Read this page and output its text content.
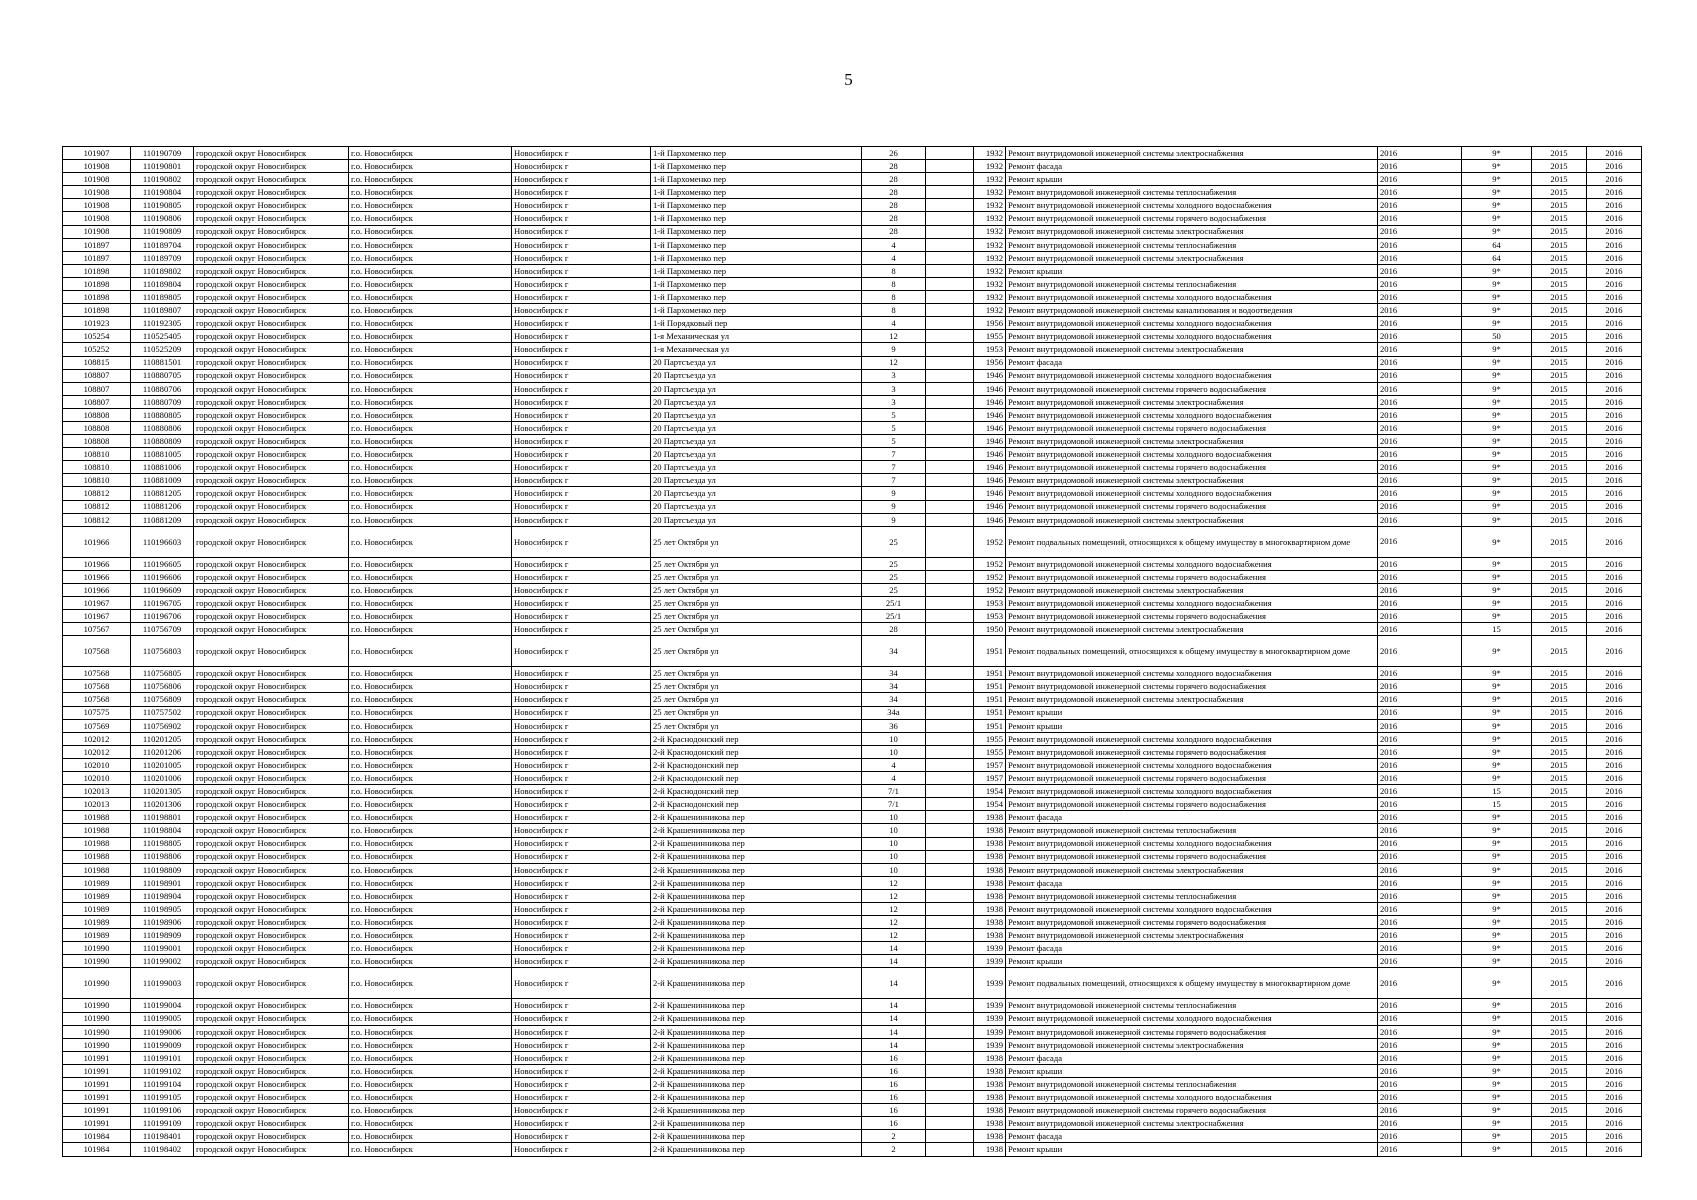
5
101907	110190709	городской округ Новосибирск	г.о. Новосибирск	Новосибирск г	1-й Пархоменко пер	26		1932	Ремонт внутридомовой инженерной системы электроснабжения	2016	9*	2015	2016
101908	110190801	городской округ Новосибирск	г.о. Новосибирск	Новосибирск г	1-й Пархоменко пер	28		1932	Ремонт фасада	2016	9*	2015	2016
101908	110190802	городской округ Новосибирск	г.о. Новосибирск	Новосибирск г	1-й Пархоменко пер	28		1932	Ремонт крыши	2016	9*	2015	2016
101908	110190804	городской округ Новосибирск	г.о. Новосибирск	Новосибирск г	1-й Пархоменко пер	28		1932	Ремонт внутридомовой инженерной системы теплоснабжения	2016	9*	2015	2016
101908	110190805	городской округ Новосибирск	г.о. Новосибирск	Новосибирск г	1-й Пархоменко пер	28		1932	Ремонт внутридомовой инженерной системы холодного водоснабжения	2016	9*	2015	2016
101908	110190806	городской округ Новосибирск	г.о. Новосибирск	Новосибирск г	1-й Пархоменко пер	28		1932	Ремонт внутридомовой инженерной системы горячего водоснабжения	2016	9*	2015	2016
101908	110190809	городской округ Новосибирск	г.о. Новосибирск	Новосибирск г	1-й Пархоменко пер	28		1932	Ремонт внутридомовой инженерной системы электроснабжения	2016	9*	2015	2016
101897	110189704	городской округ Новосибирск	г.о. Новосибирск	Новосибирск г	1-й Пархоменко пер	4		1932	Ремонт внутридомовой инженерной системы теплоснабжения	2016	64	2015	2016
101897	110189709	городской округ Новосибирск	г.о. Новосибирск	Новосибирск г	1-й Пархоменко пер	4		1932	Ремонт внутридомовой инженерной системы электроснабжения	2016	64	2015	2016
101898	110189802	городской округ Новосибирск	г.о. Новосибирск	Новосибирск г	1-й Пархоменко пер	8		1932	Ремонт крыши	2016	9*	2015	2016
101898	110189804	городской округ Новосибирск	г.о. Новосибирск	Новосибирск г	1-й Пархоменко пер	8		1932	Ремонт внутридомовой инженерной системы теплоснабжения	2016	9*	2015	2016
101898	110189805	городской округ Новосибирск	г.о. Новосибирск	Новосибирск г	1-й Пархоменко пер	8		1932	Ремонт внутридомовой инженерной системы холодного водоснабжения	2016	9*	2015	2016
101898	110189807	городской округ Новосибирск	г.о. Новосибирск	Новосибирск г	1-й Пархоменко пер	8		1932	Ремонт внутридомовой инженерной системы канализования и водоотведения	2016	9*	2015	2016
101923	110192305	городской округ Новосибирск	г.о. Новосибирск	Новосибирск г	1-й Порядковый пер	4		1956	Ремонт внутридомовой инженерной системы холодного водоснабжения	2016	9*	2015	2016
105254	110525405	городской округ Новосибирск	г.о. Новосибирск	Новосибирск г	1-я Механическая ул	12		1955	Ремонт внутридомовой инженерной системы холодного водоснабжения	2016	50	2015	2016
105252	110525209	городской округ Новосибирск	г.о. Новосибирск	Новосибирск г	1-я Механическая ул	9		1953	Ремонт внутридомовой инженерной системы электроснабжения	2016	9*	2015	2016
108815	110881501	городской округ Новосибирск	г.о. Новосибирск	Новосибирск г	20 Партсъезда ул	12		1956	Ремонт фасада	2016	9*	2015	2016
108807	110880705	городской округ Новосибирск	г.о. Новосибирск	Новосибирск г	20 Партсъезда ул	3		1946	Ремонт внутридомовой инженерной системы холодного водоснабжения	2016	9*	2015	2016
108807	110880706	городской округ Новосибирск	г.о. Новосибирск	Новосибирск г	20 Партсъезда ул	3		1946	Ремонт внутридомовой инженерной системы горячего водоснабжения	2016	9*	2015	2016
108807	110880709	городской округ Новосибирск	г.о. Новосибирск	Новосибирск г	20 Партсъезда ул	3		1946	Ремонт внутридомовой инженерной системы электроснабжения	2016	9*	2015	2016
108808	110880805	городской округ Новосибирск	г.о. Новосибирск	Новосибирск г	20 Партсъезда ул	5		1946	Ремонт внутридомовой инженерной системы холодного водоснабжения	2016	9*	2015	2016
108808	110880806	городской округ Новосибирск	г.о. Новосибирск	Новосибирск г	20 Партсъезда ул	5		1946	Ремонт внутридомовой инженерной системы горячего водоснабжения	2016	9*	2015	2016
108808	110880809	городской округ Новосибирск	г.о. Новосибирск	Новосибирск г	20 Партсъезда ул	5		1946	Ремонт внутридомовой инженерной системы электроснабжения	2016	9*	2015	2016
108810	110881005	городской округ Новосибирск	г.о. Новосибирск	Новосибирск г	20 Партсъезда ул	7		1946	Ремонт внутридомовой инженерной системы холодного водоснабжения	2016	9*	2015	2016
108810	110881006	городской округ Новосибирск	г.о. Новосибирск	Новосибирск г	20 Партсъезда ул	7		1946	Ремонт внутридомовой инженерной системы горячего водоснабжения	2016	9*	2015	2016
108810	110881009	городской округ Новосибирск	г.о. Новосибирск	Новосибирск г	20 Партсъезда ул	7		1946	Ремонт внутридомовой инженерной системы электроснабжения	2016	9*	2015	2016
108812	110881205	городской округ Новосибирск	г.о. Новосибирск	Новосибирск г	20 Партсъезда ул	9		1946	Ремонт внутридомовой инженерной системы холодного водоснабжения	2016	9*	2015	2016
108812	110881206	городской округ Новосибирск	г.о. Новосибирск	Новосибирск г	20 Партсъезда ул	9		1946	Ремонт внутридомовой инженерной системы горячего водоснабжения	2016	9*	2015	2016
108812	110881209	городской округ Новосибирск	г.о. Новосибирск	Новосибирск г	20 Партсъезда ул	9		1946	Ремонт внутридомовой инженерной системы электроснабжения	2016	9*	2015	2016
101966	110196603	городской округ Новосибирск	г.о. Новосибирск	Новосибирск г	25 лет Октября ул	25		1952	Ремонт подвальных помещений, относящихся к общему имуществу в многоквартирном доме	2016	9*	2015	2016
101966	110196605	городской округ Новосибирск	г.о. Новосибирск	Новосибирск г	25 лет Октября ул	25		1952	Ремонт внутридомовой инженерной системы холодного водоснабжения	2016	9*	2015	2016
101966	110196606	городской округ Новосибирск	г.о. Новосибирск	Новосибирск г	25 лет Октября ул	25		1952	Ремонт внутридомовой инженерной системы горячего водоснабжения	2016	9*	2015	2016
101966	110196609	городской округ Новосибирск	г.о. Новосибирск	Новосибирск г	25 лет Октября ул	25		1952	Ремонт внутридомовой инженерной системы электроснабжения	2016	9*	2015	2016
101967	110196705	городской округ Новосибирск	г.о. Новосибирск	Новосибирск г	25 лет Октября ул	25/1		1953	Ремонт внутридомовой инженерной системы холодного водоснабжения	2016	9*	2015	2016
101967	110196706	городской округ Новосибирск	г.о. Новосибирск	Новосибирск г	25 лет Октября ул	25/1		1953	Ремонт внутридомовой инженерной системы горячего водоснабжения	2016	9*	2015	2016
107567	110756709	городской округ Новосибирск	г.о. Новосибирск	Новосибирск г	25 лет Октября ул	28		1950	Ремонт внутридомовой инженерной системы электроснабжения	2016	15	2015	2016
107568	110756803	городской округ Новосибирск	г.о. Новосибирск	Новосибирск г	25 лет Октября ул	34		1951	Ремонт подвальных помещений, относящихся к общему имуществу в многоквартирном доме	2016	9*	2015	2016
107568	110756805	городской округ Новосибирск	г.о. Новосибирск	Новосибирск г	25 лет Октября ул	34		1951	Ремонт внутридомовой инженерной системы холодного водоснабжения	2016	9*	2015	2016
107568	110756806	городской округ Новосибирск	г.о. Новосибирск	Новосибирск г	25 лет Октября ул	34		1951	Ремонт внутридомовой инженерной системы горячего водоснабжения	2016	9*	2015	2016
107568	110756809	городской округ Новосибирск	г.о. Новосибирск	Новосибирск г	25 лет Октября ул	34		1951	Ремонт внутридомовой инженерной системы электроснабжения	2016	9*	2015	2016
107575	110757502	городской округ Новосибирск	г.о. Новосибирск	Новосибирск г	25 лет Октября ул	34а		1951	Ремонт крыши	2016	9*	2015	2016
107569	110756902	городской округ Новосибирск	г.о. Новосибирск	Новосибирск г	25 лет Октября ул	36		1951	Ремонт крыши	2016	9*	2015	2016
102012	110201205	городской округ Новосибирск	г.о. Новосибирск	Новосибирск г	2-й Краснодонский пер	10		1955	Ремонт внутридомовой инженерной системы холодного водоснабжения	2016	9*	2015	2016
102012	110201206	городской округ Новосибирск	г.о. Новосибирск	Новосибирск г	2-й Краснодонский пер	10		1955	Ремонт внутридомовой инженерной системы горячего водоснабжения	2016	9*	2015	2016
102010	110201005	городской округ Новосибирск	г.о. Новосибирск	Новосибирск г	2-й Краснодонский пер	4		1957	Ремонт внутридомовой инженерной системы холодного водоснабжения	2016	9*	2015	2016
102010	110201006	городской округ Новосибирск	г.о. Новосибирск	Новосибирск г	2-й Краснодонский пер	4		1957	Ремонт внутридомовой инженерной системы горячего водоснабжения	2016	9*	2015	2016
102013	110201305	городской округ Новосибирск	г.о. Новосибирск	Новосибирск г	2-й Краснодонский пер	7/1		1954	Ремонт внутридомовой инженерной системы холодного водоснабжения	2016	15	2015	2016
102013	110201306	городской округ Новосибирск	г.о. Новосибирск	Новосибирск г	2-й Краснодонский пер	7/1		1954	Ремонт внутридомовой инженерной системы горячего водоснабжения	2016	15	2015	2016
101988	110198801	городской округ Новосибирск	г.о. Новосибирск	Новосибирск г	2-й Крашенинникова пер	10		1938	Ремонт фасада	2016	9*	2015	2016
101988	110198804	городской округ Новосибирск	г.о. Новосибирск	Новосибирск г	2-й Крашенинникова пер	10		1938	Ремонт внутридомовой инженерной системы теплоснабжения	2016	9*	2015	2016
101988	110198805	городской округ Новосибирск	г.о. Новосибирск	Новосибирск г	2-й Крашенинникова пер	10		1938	Ремонт внутридомовой инженерной системы холодного водоснабжения	2016	9*	2015	2016
101988	110198806	городской округ Новосибирск	г.о. Новосибирск	Новосибирск г	2-й Крашенинникова пер	10		1938	Ремонт внутридомовой инженерной системы горячего водоснабжения	2016	9*	2015	2016
101988	110198809	городской округ Новосибирск	г.о. Новосибирск	Новосибирск г	2-й Крашенинникова пер	10		1938	Ремонт внутридомовой инженерной системы электроснабжения	2016	9*	2015	2016
101989	110198901	городской округ Новосибирск	г.о. Новосибирск	Новосибирск г	2-й Крашенинникова пер	12		1938	Ремонт фасада	2016	9*	2015	2016
101989	110198904	городской округ Новосибирск	г.о. Новосибирск	Новосибирск г	2-й Крашенинникова пер	12		1938	Ремонт внутридомовой инженерной системы теплоснабжения	2016	9*	2015	2016
101989	110198905	городской округ Новосибирск	г.о. Новосибирск	Новосибирск г	2-й Крашенинникова пер	12		1938	Ремонт внутридомовой инженерной системы холодного водоснабжения	2016	9*	2015	2016
101989	110198906	городской округ Новосибирск	г.о. Новосибирск	Новосибирск г	2-й Крашенинникова пер	12		1938	Ремонт внутридомовой инженерной системы горячего водоснабжения	2016	9*	2015	2016
101989	110198909	городской округ Новосибирск	г.о. Новосибирск	Новосибирск г	2-й Крашенинникова пер	12		1938	Ремонт внутридомовой инженерной системы электроснабжения	2016	9*	2015	2016
101990	110199001	городской округ Новосибирск	г.о. Новосибирск	Новосибирск г	2-й Крашенинникова пер	14		1939	Ремонт фасада	2016	9*	2015	2016
101990	110199002	городской округ Новосибирск	г.о. Новосибирск	Новосибирск г	2-й Крашенинникова пер	14		1939	Ремонт крыши	2016	9*	2015	2016
101990	110199003	городской округ Новосибирск	г.о. Новосибирск	Новосибирск г	2-й Крашенинникова пер	14		1939	Ремонт подвальных помещений, относящихся к общему имуществу в многоквартирном доме	2016	9*	2015	2016
101990	110199004	городской округ Новосибирск	г.о. Новосибирск	Новосибирск г	2-й Крашенинникова пер	14		1939	Ремонт внутридомовой инженерной системы теплоснабжения	2016	9*	2015	2016
101990	110199005	городской округ Новосибирск	г.о. Новосибирск	Новосибирск г	2-й Крашенинникова пер	14		1939	Ремонт внутридомовой инженерной системы холодного водоснабжения	2016	9*	2015	2016
101990	110199006	городской округ Новосибирск	г.о. Новосибирск	Новосибирск г	2-й Крашенинникова пер	14		1939	Ремонт внутридомовой инженерной системы горячего водоснабжения	2016	9*	2015	2016
101990	110199009	городской округ Новосибирск	г.о. Новосибирск	Новосибирск г	2-й Крашенинникова пер	14		1939	Ремонт внутридомовой инженерной системы электроснабжения	2016	9*	2015	2016
101991	110199101	городской округ Новосибирск	г.о. Новосибирск	Новосибирск г	2-й Крашенинникова пер	16		1938	Ремонт фасада	2016	9*	2015	2016
101991	110199102	городской округ Новосибирск	г.о. Новосибирск	Новосибирск г	2-й Крашенинникова пер	16		1938	Ремонт крыши	2016	9*	2015	2016
101991	110199104	городской округ Новосибирск	г.о. Новосибирск	Новосибирск г	2-й Крашенинникова пер	16		1938	Ремонт внутридомовой инженерной системы теплоснабжения	2016	9*	2015	2016
101991	110199105	городской округ Новосибирск	г.о. Новосибирск	Новосибирск г	2-й Крашенинникова пер	16		1938	Ремонт внутридомовой инженерной системы холодного водоснабжения	2016	9*	2015	2016
101991	110199106	городской округ Новосибирск	г.о. Новосибирск	Новосибирск г	2-й Крашенинникова пер	16		1938	Ремонт внутридомовой инженерной системы горячего водоснабжения	2016	9*	2015	2016
101991	110199109	городской округ Новосибирск	г.о. Новосибирск	Новосибирск г	2-й Крашенинникова пер	16		1938	Ремонт внутридомовой инженерной системы электроснабжения	2016	9*	2015	2016
101984	110198401	городской округ Новосибирск	г.о. Новосибирск	Новосибирск г	2-й Крашенинникова пер	2		1938	Ремонт фасада	2016	9*	2015	2016
101984	110198402	городской округ Новосибирск	г.о. Новосибирск	Новосибирск г	2-й Крашенинникова пер	2		1938	Ремонт крыши	2016	9*	2015	2016
